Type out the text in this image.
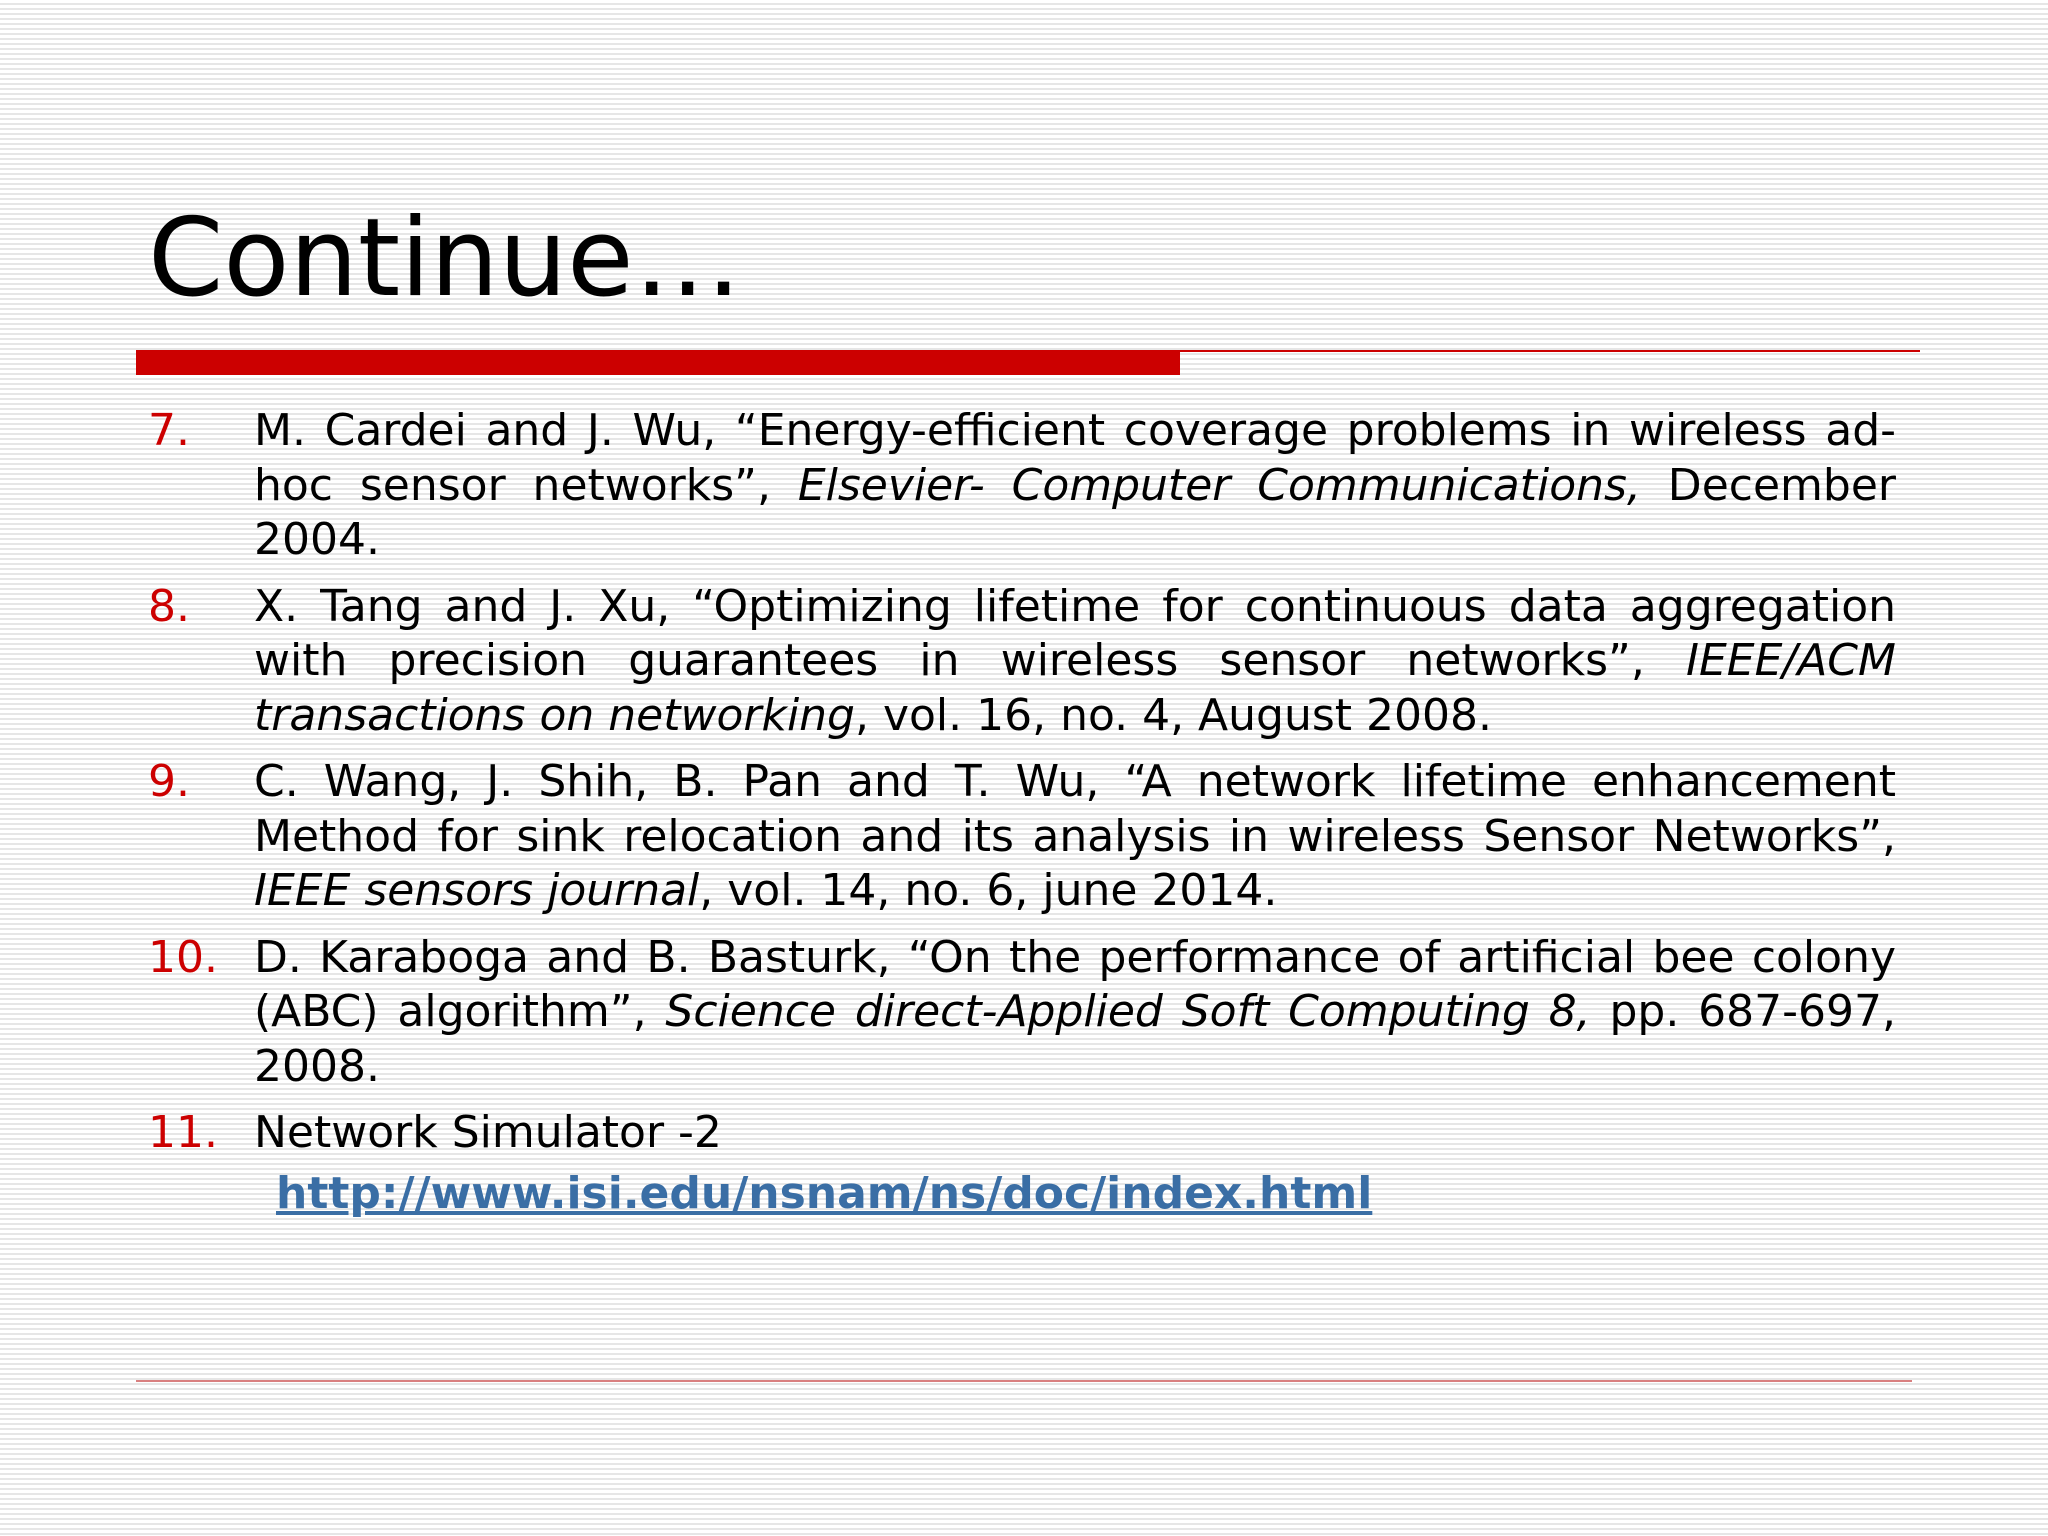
Continue…
7. M. Cardei and J. Wu, “Energy-efficient coverage problems in wireless ad-hoc sensor networks”, Elsevier- Computer Communications, December 2004.
8. X. Tang and J. Xu, “Optimizing lifetime for continuous data aggregation with precision guarantees in wireless sensor networks”, IEEE/ACM transactions on networking, vol. 16, no. 4, August 2008.
9. C. Wang, J. Shih, B. Pan and T. Wu, “A network lifetime enhancement Method for sink relocation and its analysis in wireless Sensor Networks”, IEEE sensors journal, vol. 14, no. 6, june 2014.
10. D. Karaboga and B. Basturk, “On the performance of artificial bee colony (ABC) algorithm”, Science direct-Applied Soft Computing 8, pp. 687-697, 2008.
11. Network Simulator -2
http://www.isi.edu/nsnam/ns/doc/index.html
